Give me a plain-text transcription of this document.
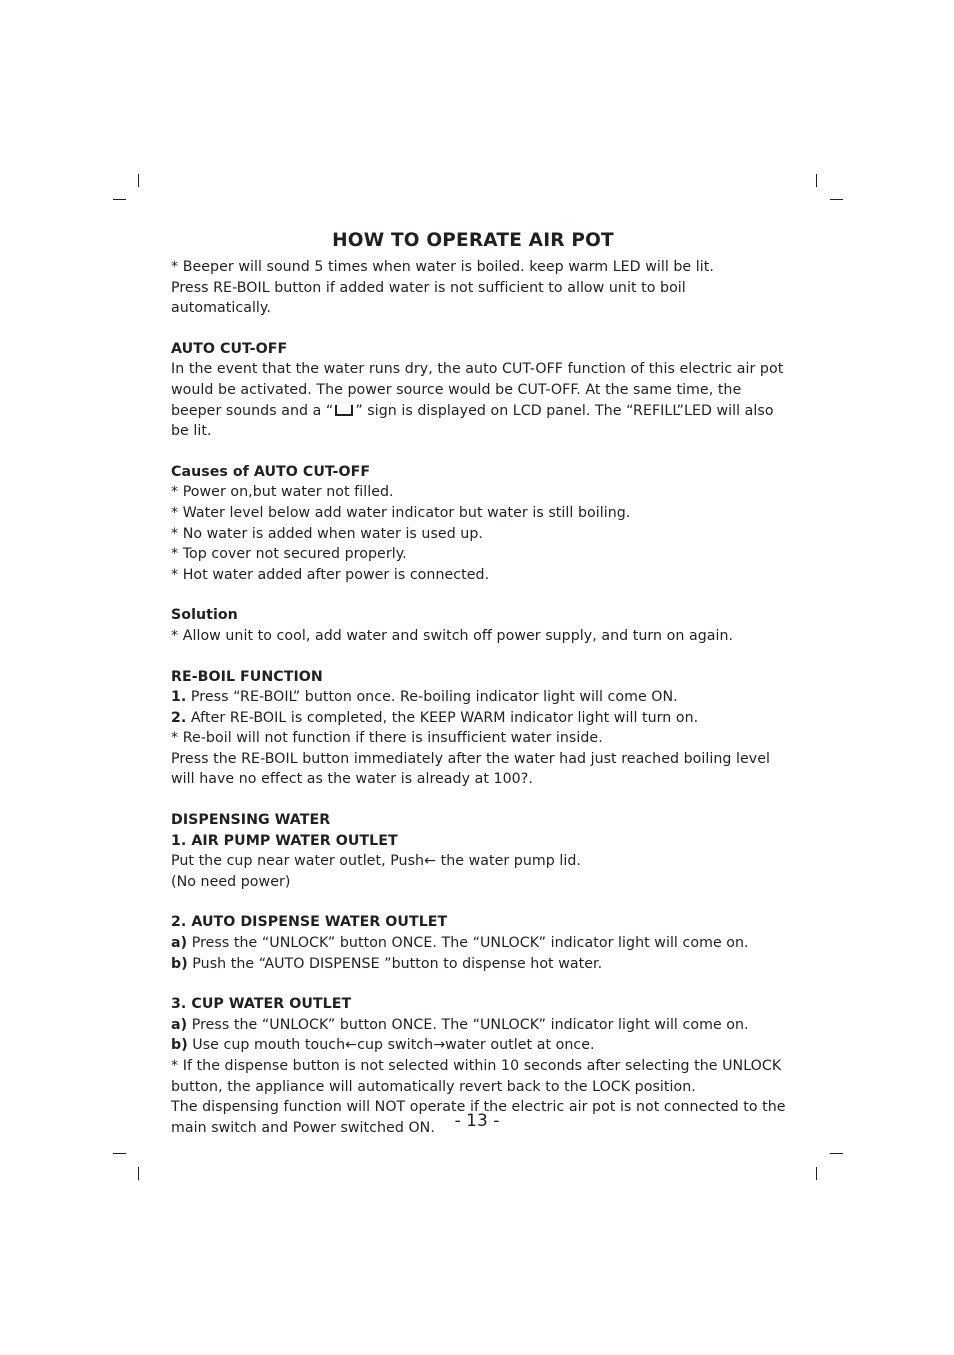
HOW TO OPERATE AIR POT

* Beeper will sound 5 times when water is boiled. keep warm LED will be lit.

Press RE-BOIL button if added water is not sufficient to allow unit to boil automatically.

AUTO CUT-OFF

In the event that the water runs dry, the auto CUT-OFF function of this electric air pot would be activated. The power source would be CUT-OFF. At the same time, the beeper sounds and a “ ” sign is displayed on LCD panel. The “REFILL”LED will also be lit.

Causes of AUTO CUT-OFF

* Power on,but water not filled.

* Water level below add water indicator but water is still boiling.

* No water is added when water is used up.

* Top cover not secured properly.

* Hot water added after power is connected.

Solution

* Allow unit to cool, add water and switch off power supply, and turn on again.

RE-BOIL FUNCTION

1. Press “RE-BOIL” button once. Re-boiling indicator light will come ON.

2. After RE-BOIL is completed, the KEEP WARM indicator light will turn on.

* Re-boil will not function if there is insufficient water inside.

Press the RE-BOIL button immediately after the water had just reached boiling level will have no effect as the water is already at 100?.

DISPENSING WATER

1. AIR PUMP WATER OUTLET

Put the cup near water outlet, Push← the water pump lid.

(No need power)

2. AUTO DISPENSE WATER OUTLET

a) Press the “UNLOCK” button ONCE. The “UNLOCK” indicator light will come on.

b) Push the “AUTO DISPENSE ”button to dispense hot water.

3. CUP WATER OUTLET

a) Press the “UNLOCK” button ONCE. The “UNLOCK” indicator light will come on.

b) Use cup mouth touch←cup switch→water outlet at once.

* If the dispense button is not selected within 10 seconds after selecting the UNLOCK button, the appliance will automatically revert back to the LOCK position.

The dispensing function will NOT operate if the electric air pot is not connected to the main switch and Power switched ON.	- 13 -
